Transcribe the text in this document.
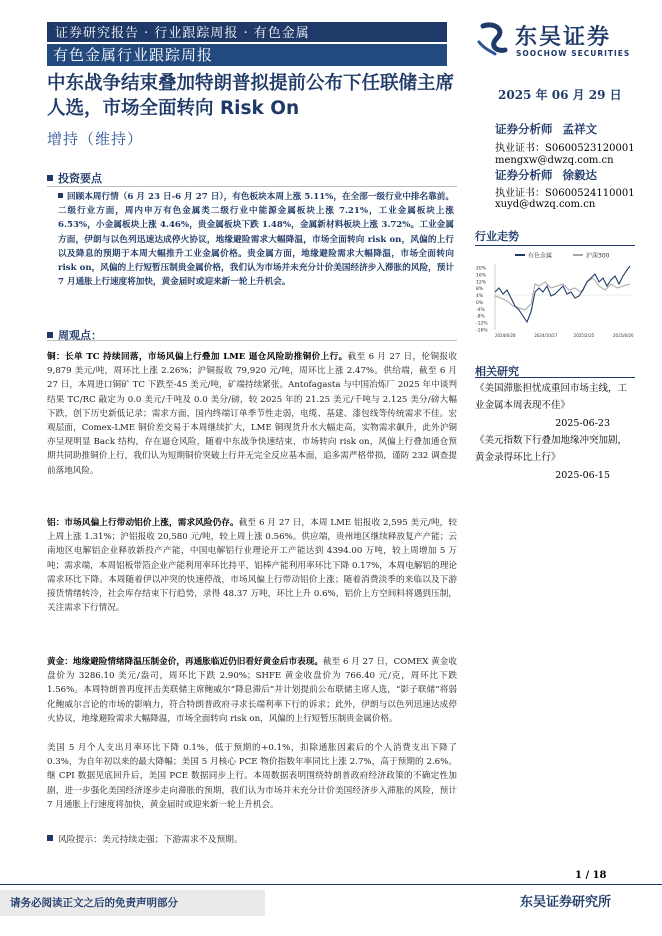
证券研究报告 · 行业跟踪周报 · 有色金属
有色金属行业跟踪周报
东吴证券
SOOCHOW SECURITIES
中东战争结束叠加特朗普拟提前公布下任联储主席人选，市场全面转向 Risk On
增持（维持）
2025 年 06 月 29 日
证券分析师 孟祥文
执业证书：S0600523120001
mengxw@dwzq.com.cn
证券分析师 徐毅达
执业证书：S0600524110001
xuyd@dwzq.com.cn
行业走势
有色金属	沪深300
20%
16%
12%
8%
4%
0%
-4%
-8%
-12%
-16%
2024/6/28	2024/10/27	2025/2/25	2025/6/26
相关研究
《美国滞胀担忧成重回市场主线，工业金属本周表现不佳》
2025-06-23
《美元指数下行叠加地缘冲突加剧，黄金录得环比上行》
2025-06-15
投资要点
回顾本周行情（6 月 23 日-6 月 27 日），有色板块本周上涨 5.11%，在全部一级行业中排名靠前。二级行业方面，周内申万有色金属类二级行业中能源金属板块上涨 7.21%，工业金属板块上涨 6.53%，小金属板块上涨 4.46%，贵金属板块下跌 1.48%，金属新材料板块上涨 3.72%。工业金属方面，伊朗与以色列迅速达成停火协议，地缘避险需求大幅降温，市场全面转向 risk on，风偏的上行以及降息的预期于本周大幅推升工业金属价格。贵金属方面，地缘避险需求大幅降温，市场全面转向 risk on，风偏的上行短暂压制贵金属价格，我们认为市场并未充分计价美国经济步入滞胀的风险，预计 7 月通胀上行速度将加快，黄金届时或迎来新一轮上升机会。
周观点：
铜：长单 TC 持续回落，市场风偏上行叠加 LME 逼仓风险助推铜价上行。截至 6 月 27 日，伦铜报收 9,879 美元/吨，周环比上涨 2.26%；沪铜报收 79,920 元/吨，周环比上涨 2.47%。供给端，截至 6 月 27 日，本周进口铜矿 TC 下跌至-45 美元/吨，矿端持续紧张。Antofagasta 与中国冶炼厂 2025 年中谈判结果 TC/RC 敲定为 0.0 美元/千吨及 0.0 美分/磅，较 2025 年的 21.25 美元/千吨与 2.125 美分/磅大幅下跌，创下历史新低记录；需求方面，国内终端订单季节性走弱，电缆、基建、漆包线等传统需求不佳。宏观层面，Comex-LME 铜价差交易于本周继续扩大，LME 铜现货升水大幅走高，实物需求飙升，此外沪铜亦呈现明显 Back 结构，存在逼仓风险，随着中东战争快速结束，市场转向 risk on，风偏上行叠加通仓预期共同助推铜价上行，我们认为短期铜价突破上行并无完全反应基本面，追多需严格带损，谨防 232 调查提前落地风险。
铝：市场风偏上行带动铝价上涨，需求风险仍存。截至 6 月 27 日，本周 LME 铝报收 2,595 美元/吨，较上周上涨 1.31%；沪铝报收 20,580 元/吨，较上周上涨 0.56%。供应端，贵州地区继续释放复产产能；云南地区电解铝企业释放新投产产能，中国电解铝行业理论开工产能达到 4394.00 万吨，较上周增加 5 万吨；需求端，本周铝板带箔企业产能利用率环比持平，铝棒产能利用率环比下降 0.17%，本周电解铝的理论需求环比下降。本周随着伊以冲突的快速停战，市场风偏上行带动铝价上涨；随着消费淡季的来临以及下游接货情绪转冷，社会库存结束下行趋势，录得 48.37 万吨，环比上升 0.6%，铝价上方空间料将遇到压制，关注需求下行情况。
黄金：地缘避险情绪降温压制金价，再通胀临近仍旧看好黄金后市表现。截至 6 月 27 日，COMEX 黄金收盘价为 3286.10 美元/盎司，周环比下跌 2.90%；SHFE 黄金收盘价为 766.40 元/克，周环比下跌 1.56%。本周特朗普再度抨击美联储主席鲍威尔“降息滞后”并计划提前公布联储主席人选，“影子联储”将弱化鲍威尔言论的市场的影响力，符合特朗普政府寻求长端利率下行的诉求；此外，伊朗与以色列迅速达成停火协议，地缘避险需求大幅降温，市场全面转向 risk on，风偏的上行短暂压制贵金属价格。
美国 5 月个人支出月率环比下降 0.1%，低于预期的+0.1%，扣除通胀因素后的个人消费支出下降了 0.3%，为自年初以来的最大降幅；美国 5 月核心 PCE 物价指数年率同比上涨 2.7%，高于预期的 2.6%。继 CPI 数据见底回升后，美国 PCE 数据同步上行。本周数据表明围绕特朗普政府经济政策的不确定性加剧，进一步强化美国经济逐步走向滞胀的预期，我们认为市场并未充分计价美国经济步入滞胀的风险，预计 7 月通胀上行速度将加快，黄金届时或迎来新一轮上升机会。
风险提示：美元持续走强；下游需求不及预期。
1 / 18
请务必阅读正文之后的免责声明部分	东吴证券研究所
